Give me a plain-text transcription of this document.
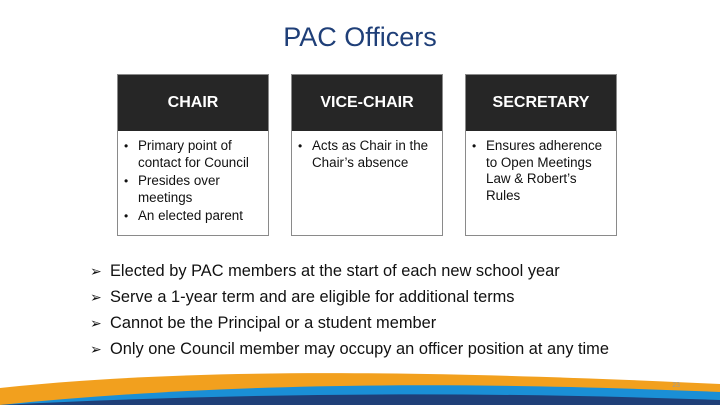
PAC Officers
CHAIR
• Primary point of contact for Council
• Presides over meetings
• An elected parent
VICE-CHAIR
• Acts as Chair in the Chair’s absence
SECRETARY
• Ensures adherence to Open Meetings Law & Robert’s Rules
➢ Elected by PAC members at the start of each new school year
➢ Serve a 1-year term and are eligible for additional terms
➢ Cannot be the Principal or a student member
➢ Only one Council member may occupy an officer position at any time
23
